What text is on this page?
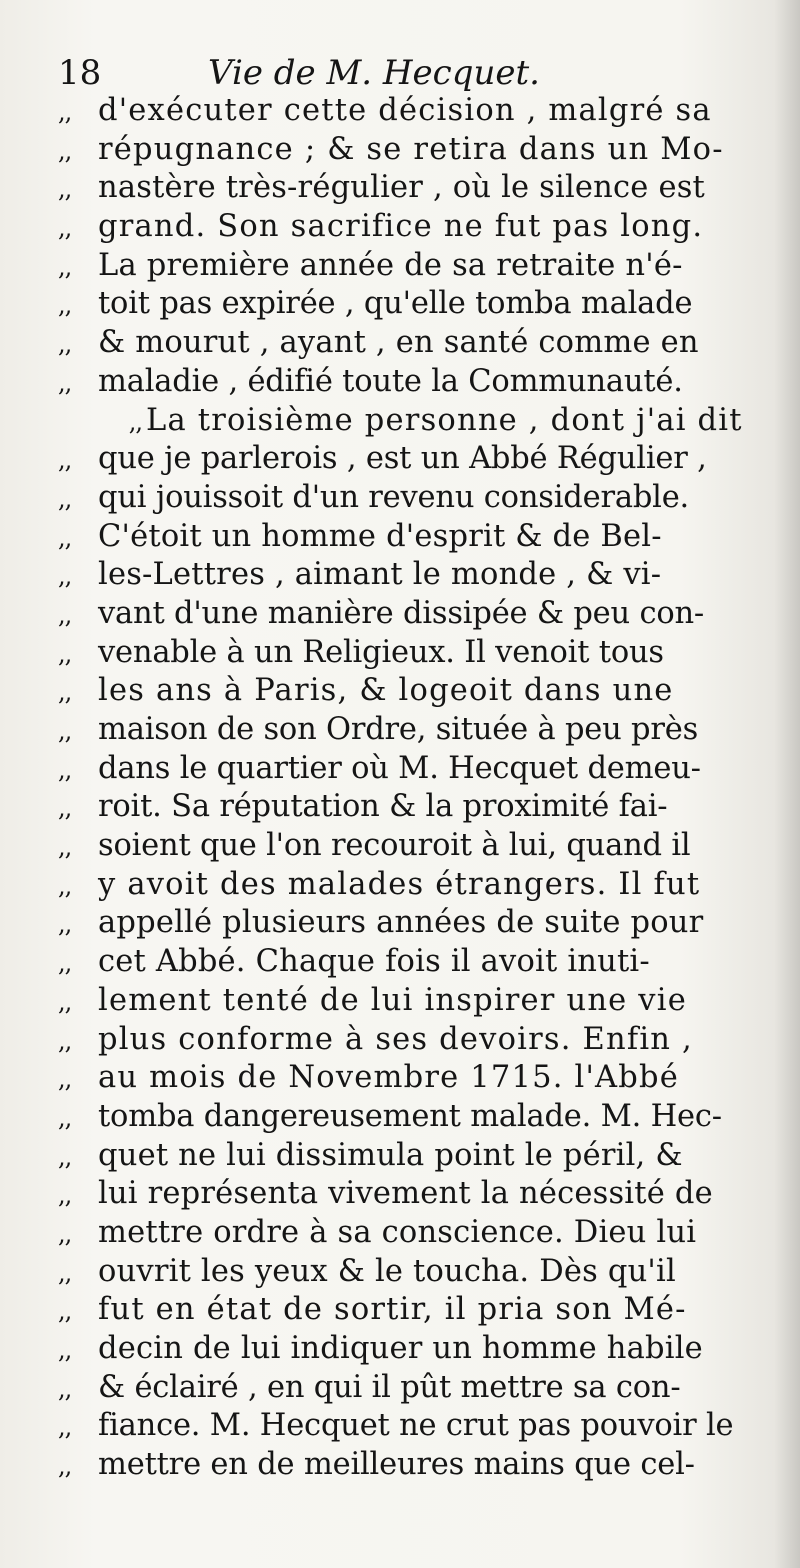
18	Vie de M. Hecquet.
,, d'exécuter cette décision , malgré sa
,, répugnance ; & se retira dans un Mo-
,, nastère très-régulier , où le silence est
,, grand. Son sacrifice ne fut pas long.
,, La première année de sa retraite n'é-
,, toit pas expirée , qu'elle tomba malade
,, & mourut , ayant , en santé comme en
,, maladie , édifié toute la Communauté.
,, La troisième personne , dont j'ai dit
,, que je parlerois , est un Abbé Régulier ,
,, qui jouissoit d'un revenu considerable.
,, C'étoit un homme d'esprit & de Bel-
,, les-Lettres , aimant le monde , & vi-
,, vant d'une manière dissipée & peu con-
,, venable à un Religieux. Il venoit tous
,, les ans à Paris, & logeoit dans une
,, maison de son Ordre, située à peu près
,, dans le quartier où M. Hecquet demeu-
,, roit. Sa réputation & la proximité fai-
,, soient que l'on recouroit à lui, quand il
,, y avoit des malades étrangers. Il fut
,, appellé plusieurs années de suite pour
,, cet Abbé. Chaque fois il avoit inuti-
,, lement tenté de lui inspirer une vie
,, plus conforme à ses devoirs. Enfin ,
,, au mois de Novembre 1715. l'Abbé
,, tomba dangereusement malade. M. Hec-
,, quet ne lui dissimula point le péril, &
,, lui représenta vivement la nécessité de
,, mettre ordre à sa conscience. Dieu lui
,, ouvrit les yeux & le toucha. Dès qu'il
,, fut en état de sortir, il pria son Mé-
,, decin de lui indiquer un homme habile
,, & éclairé , en qui il pût mettre sa con-
,, fiance. M. Hecquet ne crut pas pouvoir le
,, mettre en de meilleures mains que cel-
